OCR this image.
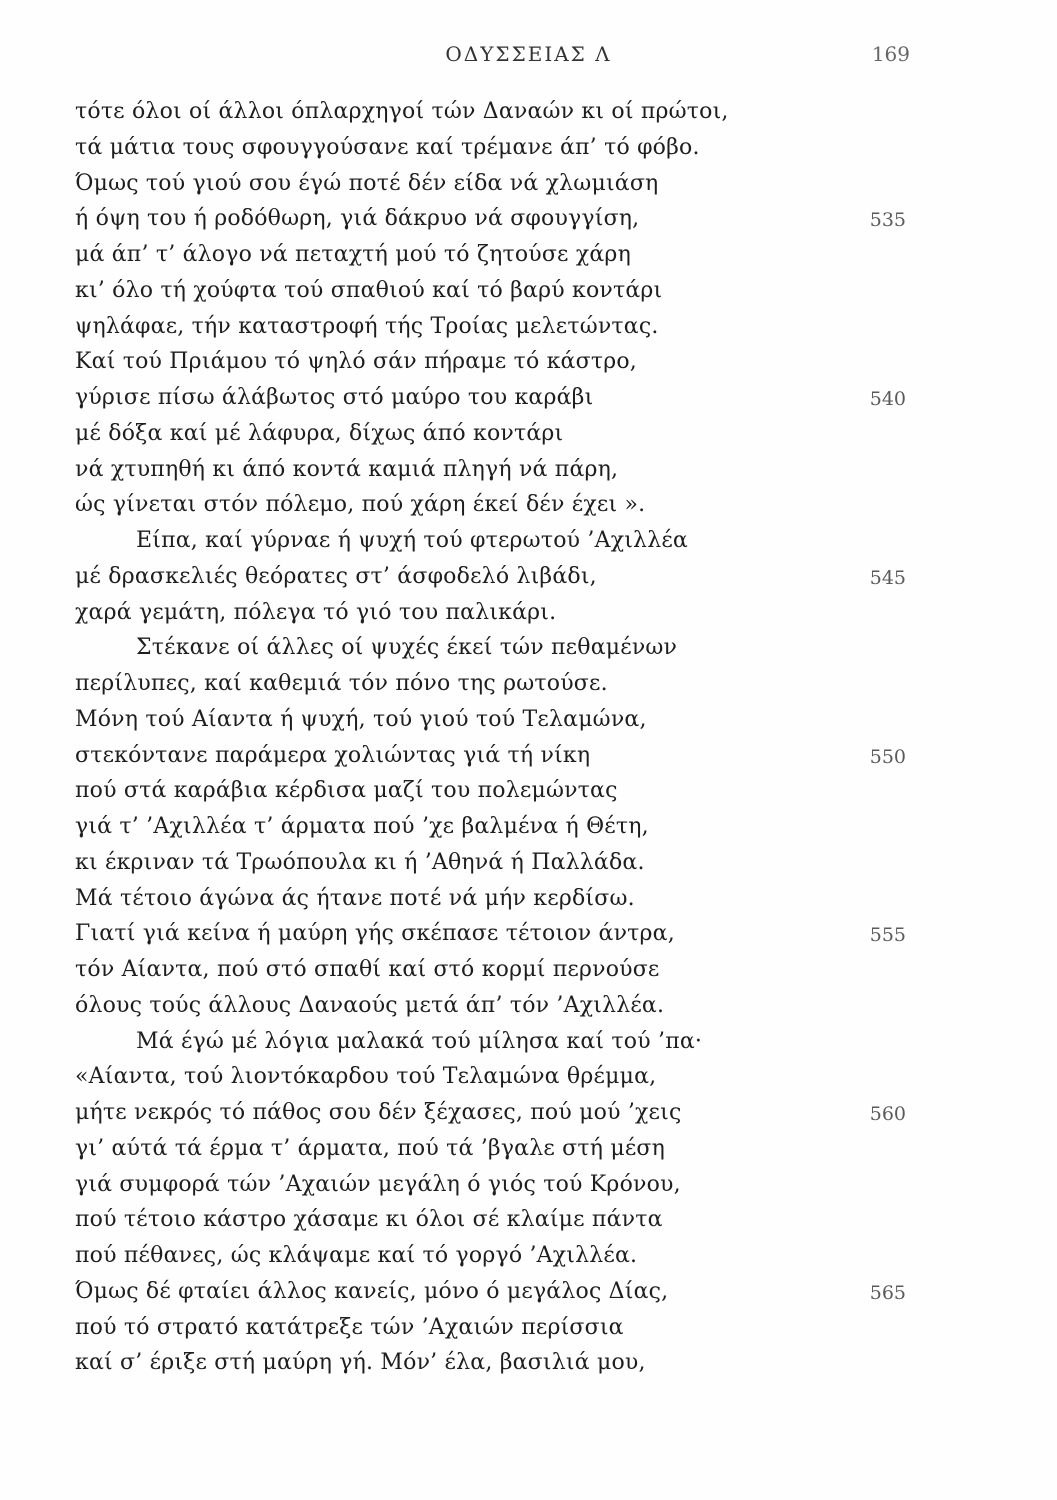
ΟΔΥΣΣΕΙΑΣ Λ	169
τότε όλοι οί άλλοι όπλαρχηγοί τών Δαναών κι οί πρώτοι,
τά μάτια τους σφουγγούσανε καί τρέμανε άπ’ τό φόβο.
Όμως τού γιού σου έγώ ποτέ δέν είδα νά χλωμιάση
ή όψη του ή ροδόθωρη, γιά δάκρυο νά σφουγγίση,	535
μά άπ’ τ’ άλογο νά πεταχτή μού τό ζητούσε χάρη
κι’ όλο τή χούφτα τού σπαθιού καί τό βαρύ κοντάρι
ψηλάφαε, τήν καταστροφή τής Τροίας μελετώντας.
Καί τού Πριάμου τό ψηλό σάν πήραμε τό κάστρο,
γύρισε πίσω άλάβωτος στό μαύρο του καράβι	540
μέ δόξα καί μέ λάφυρα, δίχως άπό κοντάρι
νά χτυπηθή κι άπό κοντά καμιά πληγή νά πάρη,
ώς γίνεται στόν πόλεμο, πού χάρη έκεί δέν έχει ».
Είπα, καί γύρναε ή ψυχή τού φτερωτού ’Αχιλλέα
μέ δρασκελιές θεόρατες στ’ άσφοδελό λιβάδι,	545
χαρά γεμάτη, πόλεγα τό γιό του παλικάρι.
Στέκανε οί άλλες οί ψυχές έκεί τών πεθαμένων
περίλυπες, καί καθεμιά τόν πόνο της ρωτούσε.
Μόνη τού Αίαντα ή ψυχή, τού γιού τού Τελαμώνα,
στεκόντανε παράμερα χολιώντας γιά τή νίκη	550
πού στά καράβια κέρδισα μαζί του πολεμώντας
γιά τ’ ’Αχιλλέα τ’ άρματα πού ’χε βαλμένα ή Θέτη,
κι έκριναν τά Τρωόπουλα κι ή ’Αθηνά ή Παλλάδα.
Μά τέτοιο άγώνα άς ήτανε ποτέ νά μήν κερδίσω.
Γιατί γιά κείνα ή μαύρη γής σκέπασε τέτοιον άντρα,	555
τόν Αίαντα, πού στό σπαθί καί στό κορμί περνούσε
όλους τούς άλλους Δαναούς μετά άπ’ τόν ’Αχιλλέα.
Μά έγώ μέ λόγια μαλακά τού μίλησα καί τού ’πα·
«Αίαντα, τού λιοντόκαρδου τού Τελαμώνα θρέμμα,
μήτε νεκρός τό πάθος σου δέν ξέχασες, πού μού ’χεις	560
γι’ αύτά τά έρμα τ’ άρματα, πού τά ’βγαλε στή μέση
γιά συμφορά τών ’Αχαιών μεγάλη ό γιός τού Κρόνου,
πού τέτοιο κάστρο χάσαμε κι όλοι σέ κλαίμε πάντα
πού πέθανες, ώς κλάψαμε καί τό γοργό ’Αχιλλέα.
Όμως δέ φταίει άλλος κανείς, μόνο ό μεγάλος Δίας,	565
πού τό στρατό κατάτρεξε τών ’Αχαιών περίσσια
καί σ’ έριξε στή μαύρη γή. Μόν’ έλα, βασιλιά μου,
